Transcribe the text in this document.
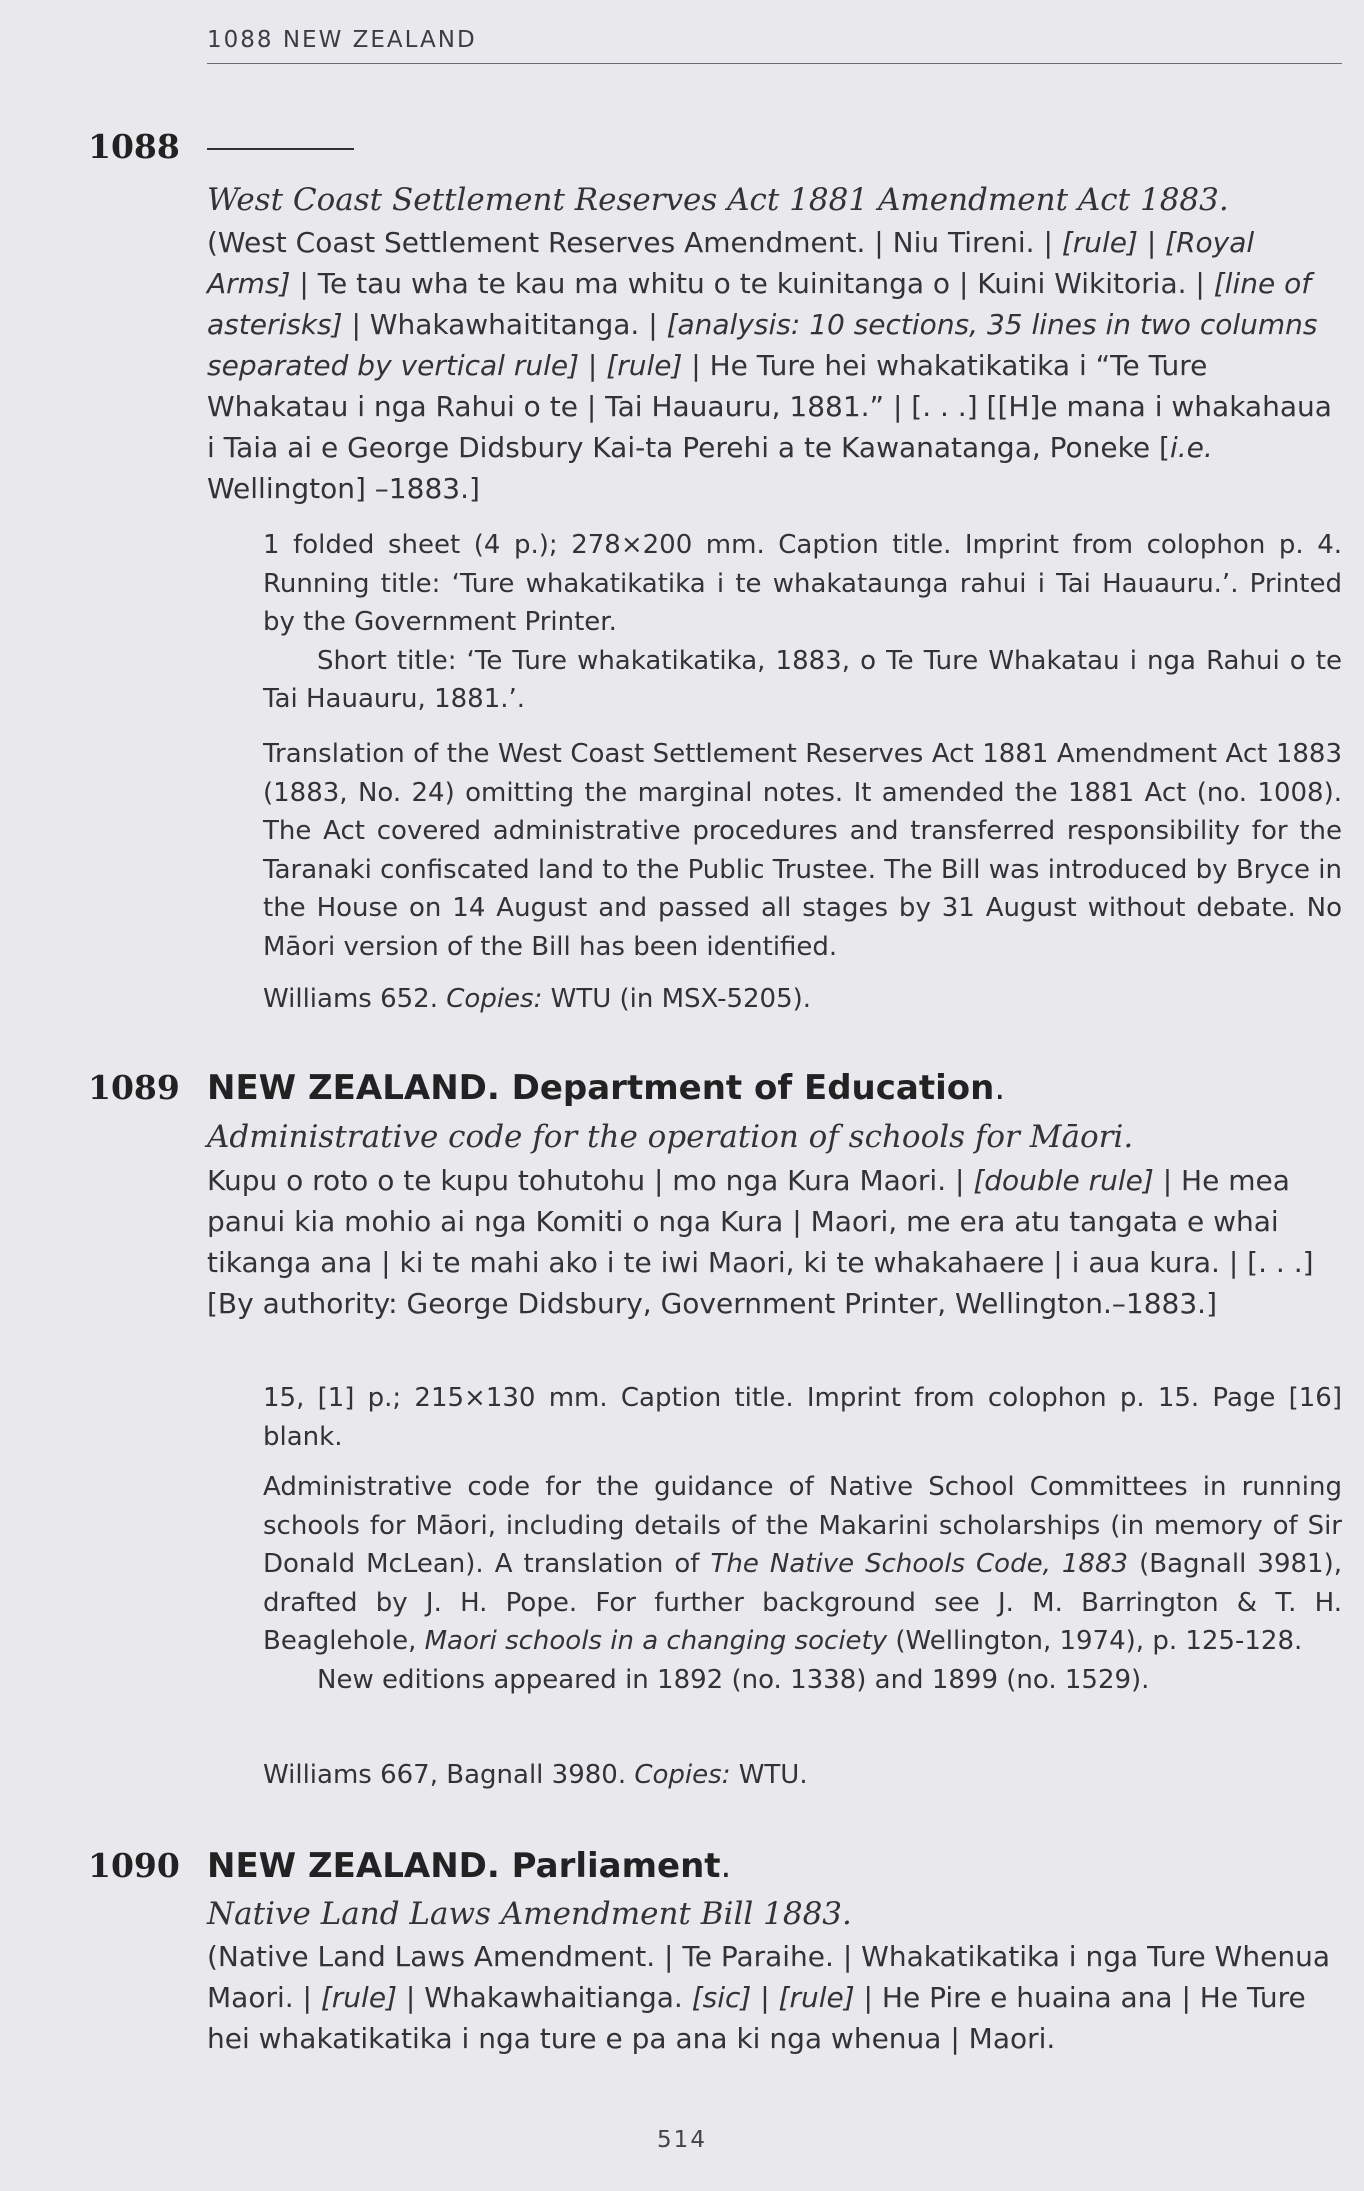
1088 NEW ZEALAND
1088
West Coast Settlement Reserves Act 1881 Amendment Act 1883.
(West Coast Settlement Reserves Amendment. | Niu Tireni. | [rule] | [Royal Arms] | Te tau wha te kau ma whitu o te kuinitanga o | Kuini Wikitoria. | [line of asterisks] | Whakawhaititanga. | [analysis: 10 sections, 35 lines in two columns separated by vertical rule] | [rule] | He Ture hei whakatikatika i “Te Ture Whakatau i nga Rahui o te | Tai Hauauru, 1881.” | [. . .] [[H]e mana i whakahaua i Taia ai e George Didsbury Kai-ta Perehi a te Kawanatanga, Poneke [i.e. Wellington] –1883.]
1 folded sheet (4 p.); 278×200 mm. Caption title. Imprint from colophon p. 4. Running title: ‘Ture whakatikatika i te whakataunga rahui i Tai Hauauru.’. Printed by the Government Printer.
Short title: ‘Te Ture whakatikatika, 1883, o Te Ture Whakatau i nga Rahui o te Tai Hauauru, 1881.’.
Translation of the West Coast Settlement Reserves Act 1881 Amendment Act 1883 (1883, No. 24) omitting the marginal notes. It amended the 1881 Act (no. 1008). The Act covered administrative procedures and transferred responsibility for the Taranaki confiscated land to the Public Trustee. The Bill was introduced by Bryce in the House on 14 August and passed all stages by 31 August without debate. No Māori version of the Bill has been identified.
Williams 652. Copies: WTU (in MSX-5205).
1089 NEW ZEALAND. Department of Education.
Administrative code for the operation of schools for Māori.
Kupu o roto o te kupu tohutohu | mo nga Kura Maori. | [double rule] | He mea panui kia mohio ai nga Komiti o nga Kura | Maori, me era atu tangata e whai tikanga ana | ki te mahi ako i te iwi Maori, ki te whakahaere | i aua kura. | [. . .] [By authority: George Didsbury, Government Printer, Wellington.–1883.]
15, [1] p.; 215×130 mm. Caption title. Imprint from colophon p. 15. Page [16] blank.
Administrative code for the guidance of Native School Committees in running schools for Māori, including details of the Makarini scholarships (in memory of Sir Donald McLean). A translation of The Native Schools Code, 1883 (Bagnall 3981), drafted by J. H. Pope. For further background see J. M. Barrington & T. H. Beaglehole, Maori schools in a changing society (Wellington, 1974), p. 125-128.
New editions appeared in 1892 (no. 1338) and 1899 (no. 1529).
Williams 667, Bagnall 3980. Copies: WTU.
1090 NEW ZEALAND. Parliament.
Native Land Laws Amendment Bill 1883.
(Native Land Laws Amendment. | Te Paraihe. | Whakatikatika i nga Ture Whenua Maori. | [rule] | Whakawhaitianga. [sic] | [rule] | He Pire e huaina ana | He Ture hei whakatikatika i nga ture e pa ana ki nga whenua | Maori.
514
